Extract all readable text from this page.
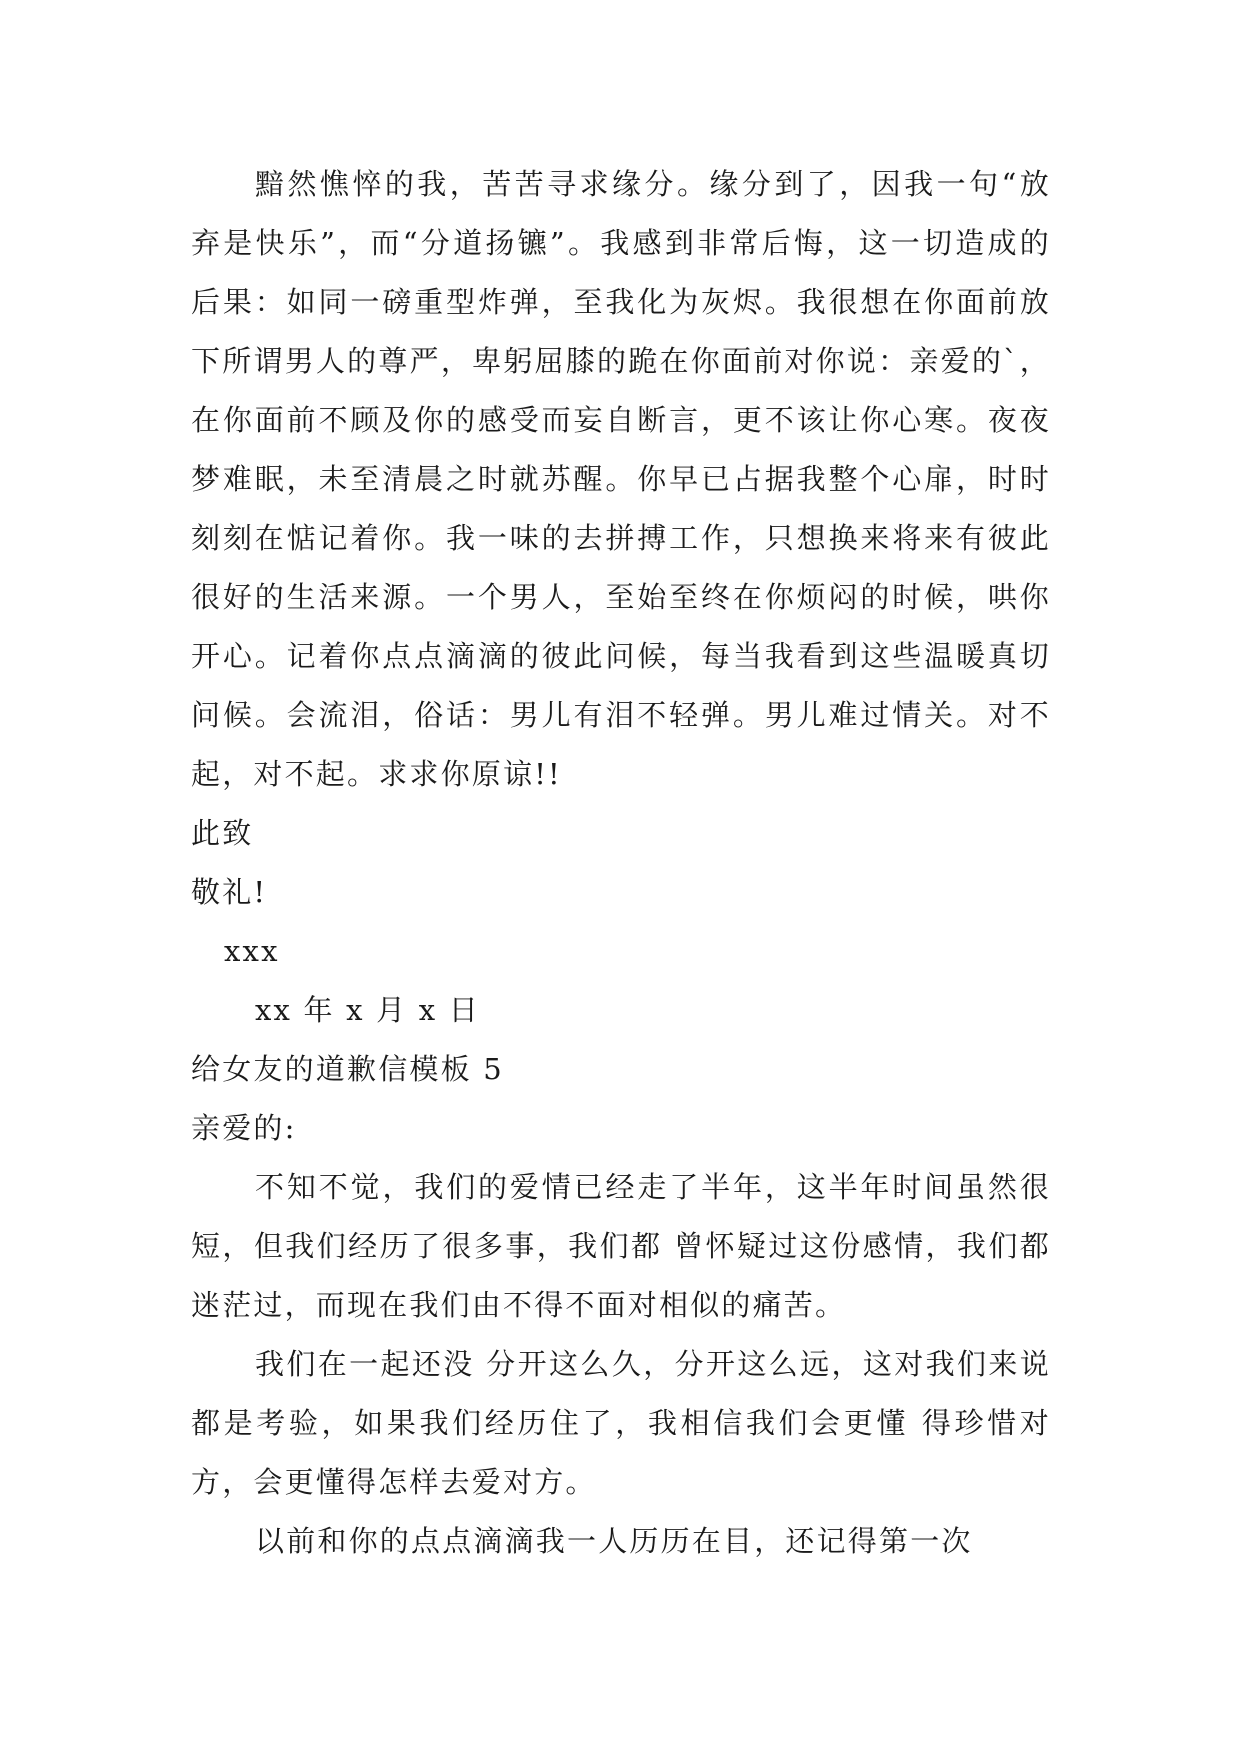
黯然憔悴的我，苦苦寻求缘分。缘分到了，因我一句“放弃是快乐”，而“分道扬镳”。我感到非常后悔，这一切造成的后果：如同一磅重型炸弹，至我化为灰烬。我很想在你面前放下所谓男人的尊严，卑躬屈膝的跪在你面前对你说：亲爱的`，在你面前不顾及你的感受而妄自断言，更不该让你心寒。夜夜梦难眠，未至清晨之时就苏醒。你早已占据我整个心扉，时时刻刻在惦记着你。我一味的去拼搏工作，只想换来将来有彼此很好的生活来源。一个男人，至始至终在你烦闷的时候，哄你开心。记着你点点滴滴的彼此问候，每当我看到这些温暖真切问候。会流泪，俗话：男儿有泪不轻弹。男儿难过情关。对不起，对不起。求求你原谅!!

此致

敬礼!

xxx

xx 年 x 月 x 日

给女友的道歉信模板 5

亲爱的:

不知不觉，我们的爱情已经走了半年，这半年时间虽然很短，但我们经历了很多事，我们都 曾怀疑过这份感情，我们都迷茫过，而现在我们由不得不面对相似的痛苦。

我们在一起还没 分开这么久，分开这么远，这对我们来说都是考验，如果我们经历住了，我相信我们会更懂 得珍惜对方，会更懂得怎样去爱对方。

以前和你的点点滴滴我一人历历在目，还记得第一次
